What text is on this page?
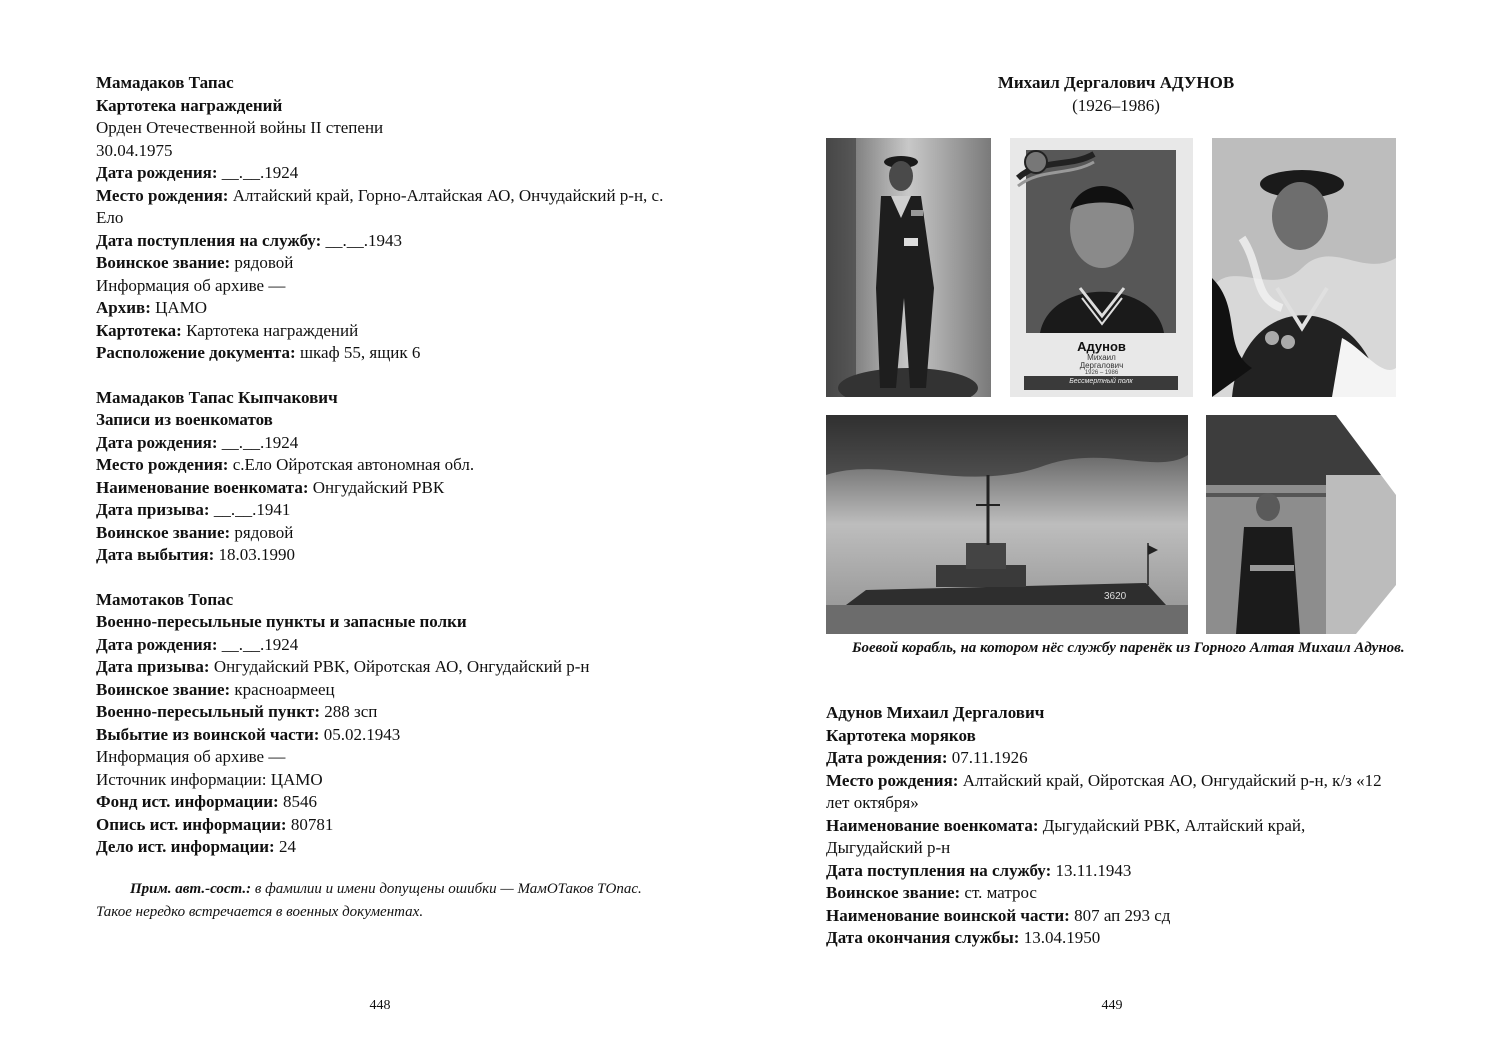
Мамадаков Тапас
Картотека награждений
Орден Отечественной войны II степени
30.04.1975
Дата рождения: __.__.1924
Место рождения: Алтайский край, Горно-Алтайская АО, Ончудайский р-н, с. Ело
Дата поступления на службу: __.__.1943
Воинское звание: рядовой
Информация об архиве —
Архив: ЦАМО
Картотека: Картотека награждений
Расположение документа: шкаф 55, ящик 6
Мамадаков Тапас Кыпчакович
Записи из военкоматов
Дата рождения: __.__.1924
Место рождения: с.Ело Ойротская автономная обл.
Наименование военкомата: Онгудайский РВК
Дата призыва: __.__.1941
Воинское звание: рядовой
Дата выбытия: 18.03.1990
Мамотаков Топас
Военно-пересыльные пункты и запасные полки
Дата рождения: __.__.1924
Дата призыва: Онгудайский РВК, Ойротская АО, Онгудайский р-н
Воинское звание: красноармеец
Военно-пересыльный пункт: 288 зсп
Выбытие из воинской части: 05.02.1943
Информация об архиве —
Источник информации: ЦАМО
Фонд ист. информации: 8546
Опись ист. информации: 80781
Дело ист. информации: 24
Прим. авт.-сост.: в фамилии и имени допущены ошибки — МамОТаков ТОпас. Такое нередко встречается в военных документах.
448
Михаил Дергалович АДУНОВ
(1926–1986)
Адунов
Михаил
Дергалович
1926 – 1986
Бессмертный полк
3620
Боевой корабль, на котором нёс службу паренёк из Горного Алтая Михаил Адунов.
Адунов Михаил Дергалович
Картотека моряков
Дата рождения: 07.11.1926
Место рождения: Алтайский край, Ойротская АО, Онгудайский р-н, к/з «12 лет октября»
Наименование военкомата: Дыгудайский РВК, Алтайский край, Дыгудайский р-н
Дата поступления на службу: 13.11.1943
Воинское звание: ст. матрос
Наименование воинской части: 807 ап 293 сд
Дата окончания службы: 13.04.1950
449
